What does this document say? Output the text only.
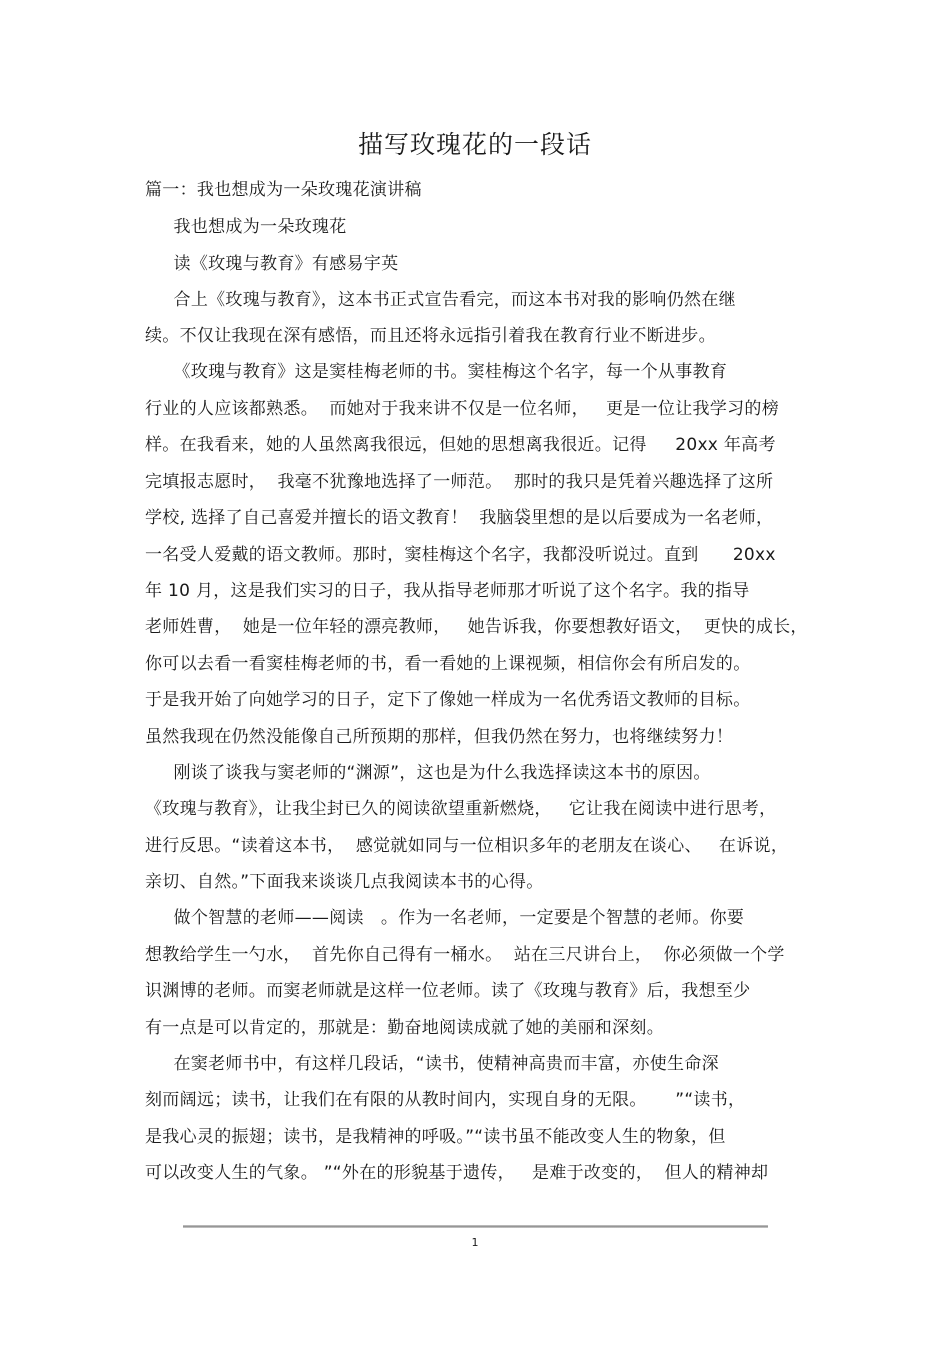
描写玫瑰花的一段话
篇一：我也想成为一朵玫瑰花演讲稿
我也想成为一朵玫瑰花
读《玫瑰与教育》有感易宇英
合上《玫瑰与教育》，这本书正式宣告看完，而这本书对我的影响仍然在继
续。不仅让我现在深有感悟，而且还将永远指引着我在教育行业不断进步。
《玫瑰与教育》这是窦桂梅老师的书。窦桂梅这个名字，每一个从事教育
行业的人应该都熟悉。  而她对于我来讲不仅是一位名师，   更是一位让我学习的榜
样。在我看来，她的人虽然离我很远，但她的思想离我很近。记得     20xx 年高考
完填报志愿时，  我毫不犹豫地选择了一师范。  那时的我只是凭着兴趣选择了这所
学校, 选择了自己喜爱并擅长的语文教育！  我脑袋里想的是以后要成为一名老师，
一名受人爱戴的语文教师。那时，窦桂梅这个名字，我都没听说过。直到      20xx
年 10 月，这是我们实习的日子，我从指导老师那才听说了这个名字。我的指导
老师姓曹，  她是一位年轻的漂亮教师，   她告诉我，你要想教好语文，  更快的成长，
你可以去看一看窦桂梅老师的书，看一看她的上课视频，相信你会有所启发的。
于是我开始了向她学习的日子，定下了像她一样成为一名优秀语文教师的目标。
虽然我现在仍然没能像自己所预期的那样，但我仍然在努力，也将继续努力！
刚谈了谈我与窦老师的“渊源”，这也是为什么我选择读这本书的原因。
《玫瑰与教育》，让我尘封已久的阅读欲望重新燃烧，   它让我在阅读中进行思考，
进行反思。“读着这本书，  感觉就如同与一位相识多年的老朋友在谈心、   在诉说，
亲切、自然。”下面我来谈谈几点我阅读本书的心得。
做个智慧的老师——阅读   。作为一名老师，一定要是个智慧的老师。你要
想教给学生一勺水，  首先你自己得有一桶水。  站在三尺讲台上，  你必须做一个学
识渊博的老师。而窦老师就是这样一位老师。读了《玫瑰与教育》后，我想至少
有一点是可以肯定的，那就是：勤奋地阅读成就了她的美丽和深刻。
在窦老师书中，有这样几段话，“读书，使精神高贵而丰富，亦使生命深
刻而阔远；读书，让我们在有限的从教时间内，实现自身的无限。     ”“读书，
是我心灵的振翅；读书，是我精神的呼吸。”“读书虽不能改变人生的物象，但
可以改变人生的气象。 ”“外在的形貌基于遗传，   是难于改变的，  但人的精神却
1
